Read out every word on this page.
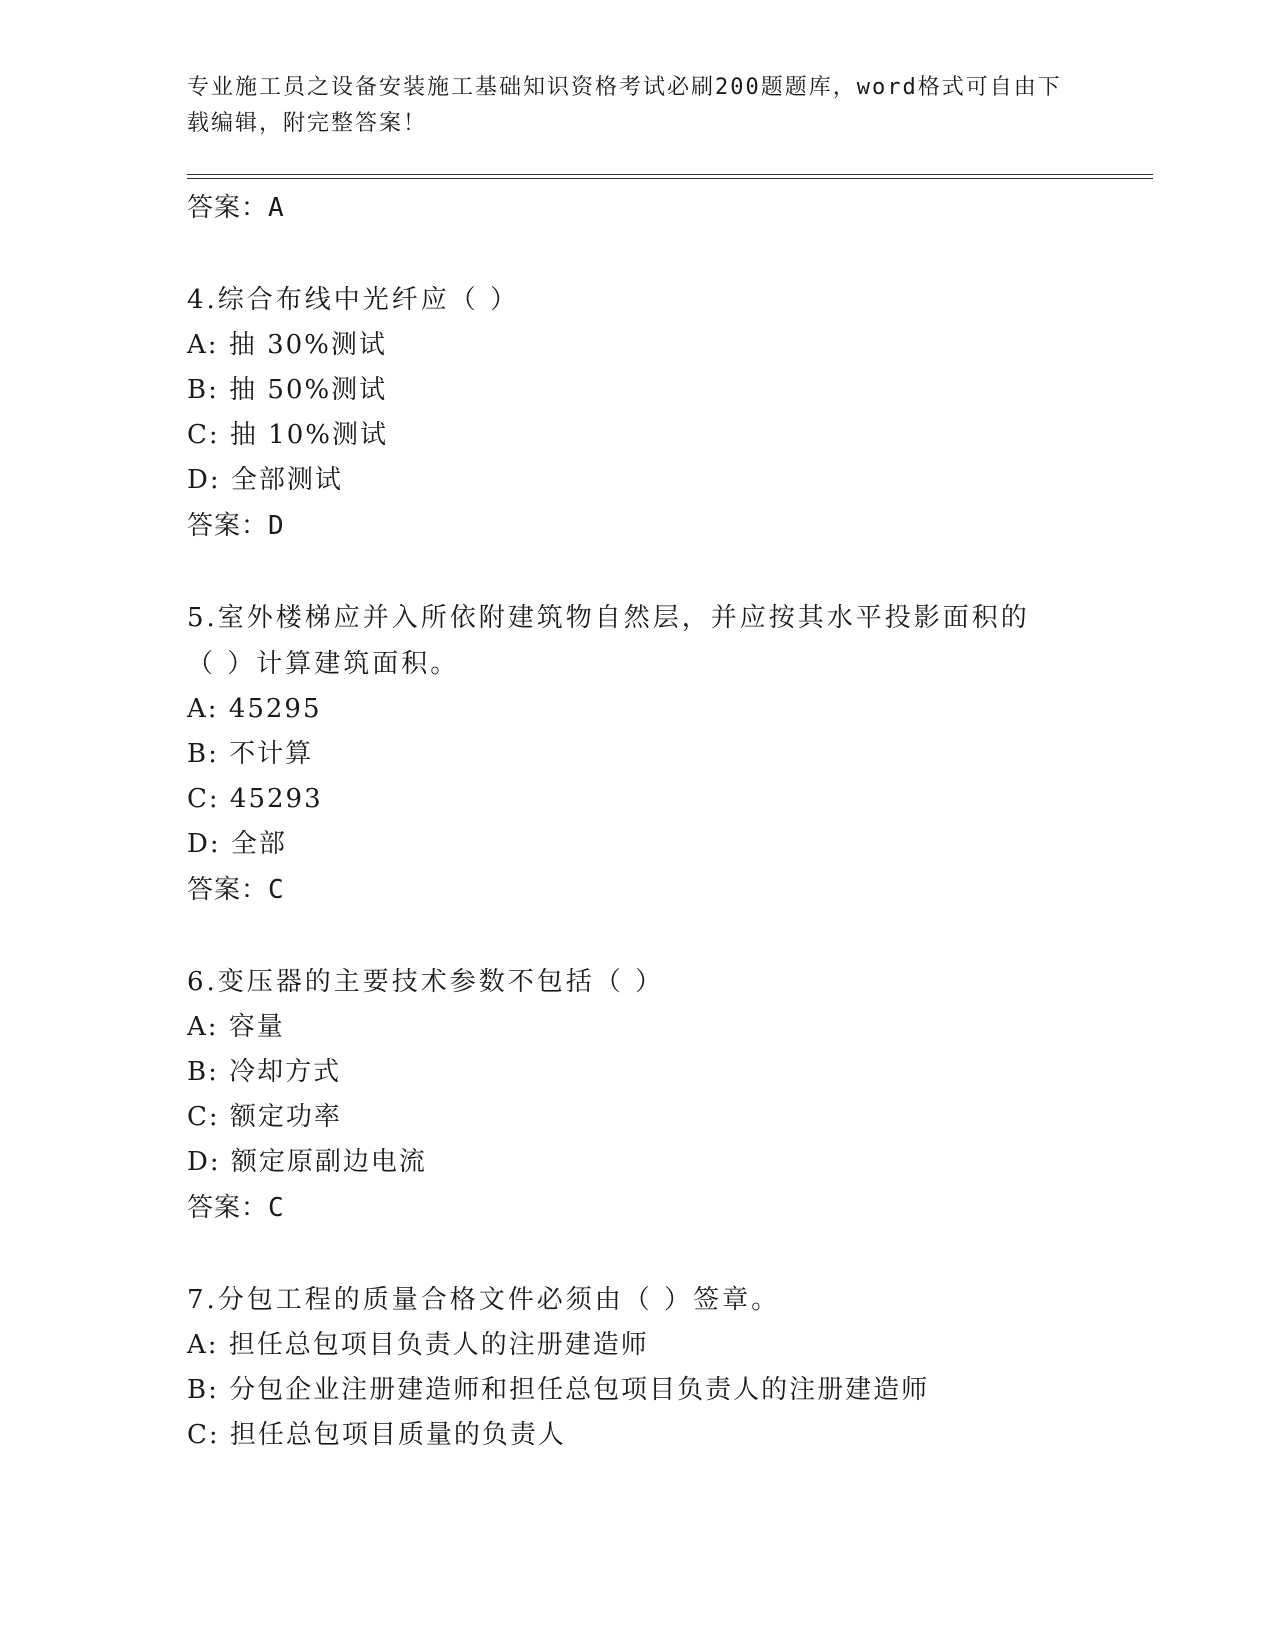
专业施工员之设备安装施工基础知识资格考试必刷200题题库，word格式可自由下载编辑，附完整答案！

答案：A

4.综合布线中光纤应（ ）

A: 抽 30%测试

B: 抽 50%测试

C: 抽 10%测试

D: 全部测试

答案：D

5.室外楼梯应并入所依附建筑物自然层，并应按其水平投影面积的（ ）计算建筑面积。

A: 45295

B: 不计算

C: 45293

D: 全部

答案：C

6.变压器的主要技术参数不包括（ ）

A: 容量

B: 冷却方式

C: 额定功率

D: 额定原副边电流

答案：C

7.分包工程的质量合格文件必须由（ ）签章。

A: 担任总包项目负责人的注册建造师

B: 分包企业注册建造师和担任总包项目负责人的注册建造师

C: 担任总包项目质量的负责人
